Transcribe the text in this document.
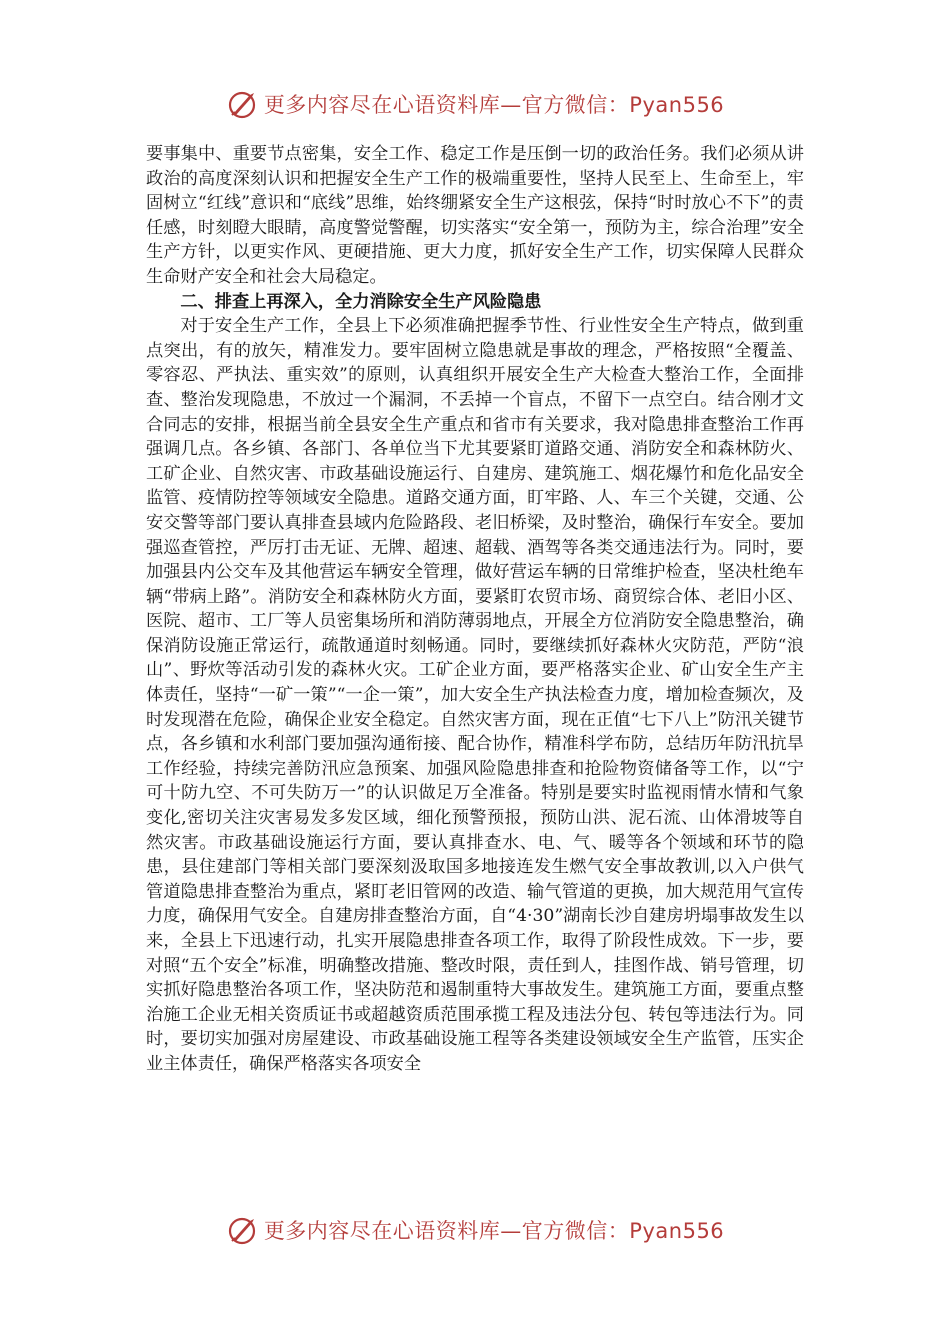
更多内容尽在心语资料库—官方微信：Pyan556

要事集中、重要节点密集，安全工作、稳定工作是压倒一切的政治任务。我们必须从讲政治的高度深刻认识和把握安全生产工作的极端重要性，坚持人民至上、生命至上，牢固树立“红线”意识和“底线”思维，始终绷紧安全生产这根弦，保持“时时放心不下”的责任感，时刻瞪大眼睛，高度警觉警醒，切实落实“安全第一，预防为主，综合治理”安全生产方针，以更实作风、更硬措施、更大力度，抓好安全生产工作，切实保障人民群众生命财产安全和社会大局稳定。

二、排查上再深入，全力消除安全生产风险隐患

对于安全生产工作，全县上下必须准确把握季节性、行业性安全生产特点，做到重点突出，有的放矢，精准发力。要牢固树立隐患就是事故的理念，严格按照“全覆盖、零容忍、严执法、重实效”的原则，认真组织开展安全生产大检查大整治工作，全面排查、整治发现隐患，不放过一个漏洞，不丢掉一个盲点，不留下一点空白。结合刚才文合同志的安排，根据当前全县安全生产重点和省市有关要求，我对隐患排查整治工作再强调几点。各乡镇、各部门、各单位当下尤其要紧盯道路交通、消防安全和森林防火、工矿企业、自然灾害、市政基础设施运行、自建房、建筑施工、烟花爆竹和危化品安全监管、疫情防控等领域安全隐患。道路交通方面，盯牢路、人、车三个关键，交通、公安交警等部门要认真排查县域内危险路段、老旧桥梁，及时整治，确保行车安全。要加强巡查管控，严厉打击无证、无牌、超速、超载、酒驾等各类交通违法行为。同时，要加强县内公交车及其他营运车辆安全管理，做好营运车辆的日常维护检查，坚决杜绝车辆“带病上路”。消防安全和森林防火方面，要紧盯农贸市场、商贸综合体、老旧小区、医院、超市、工厂等人员密集场所和消防薄弱地点，开展全方位消防安全隐患整治，确保消防设施正常运行，疏散通道时刻畅通。同时，要继续抓好森林火灾防范，严防“浪山”、野炊等活动引发的森林火灾。工矿企业方面，要严格落实企业、矿山安全生产主体责任，坚持“一矿一策”“一企一策”，加大安全生产执法检查力度，增加检查频次，及时发现潜在危险，确保企业安全稳定。自然灾害方面，现在正值“七下八上”防汛关键节点，各乡镇和水利部门要加强沟通衔接、配合协作，精准科学布防，总结历年防汛抗旱工作经验，持续完善防汛应急预案、加强风险隐患排查和抢险物资储备等工作，以“宁可十防九空、不可失防万一”的认识做足万全准备。特别是要实时监视雨情水情和气象变化,密切关注灾害易发多发区域，细化预警预报，预防山洪、泥石流、山体滑坡等自然灾害。市政基础设施运行方面，要认真排查水、电、气、暖等各个领域和环节的隐患，县住建部门等相关部门要深刻汲取国多地接连发生燃气安全事故教训,以入户供气管道隐患排查整治为重点，紧盯老旧管网的改造、输气管道的更换，加大规范用气宣传力度，确保用气安全。自建房排查整治方面，自“4·30”湖南长沙自建房坍塌事故发生以来，全县上下迅速行动，扎实开展隐患排查各项工作，取得了阶段性成效。下一步，要对照“五个安全”标准，明确整改措施、整改时限，责任到人，挂图作战、销号管理，切实抓好隐患整治各项工作，坚决防范和遏制重特大事故发生。建筑施工方面，要重点整治施工企业无相关资质证书或超越资质范围承揽工程及违法分包、转包等违法行为。同时，要切实加强对房屋建设、市政基础设施工程等各类建设领域安全生产监管，压实企业主体责任，确保严格落实各项安全

更多内容尽在心语资料库—官方微信：Pyan556
